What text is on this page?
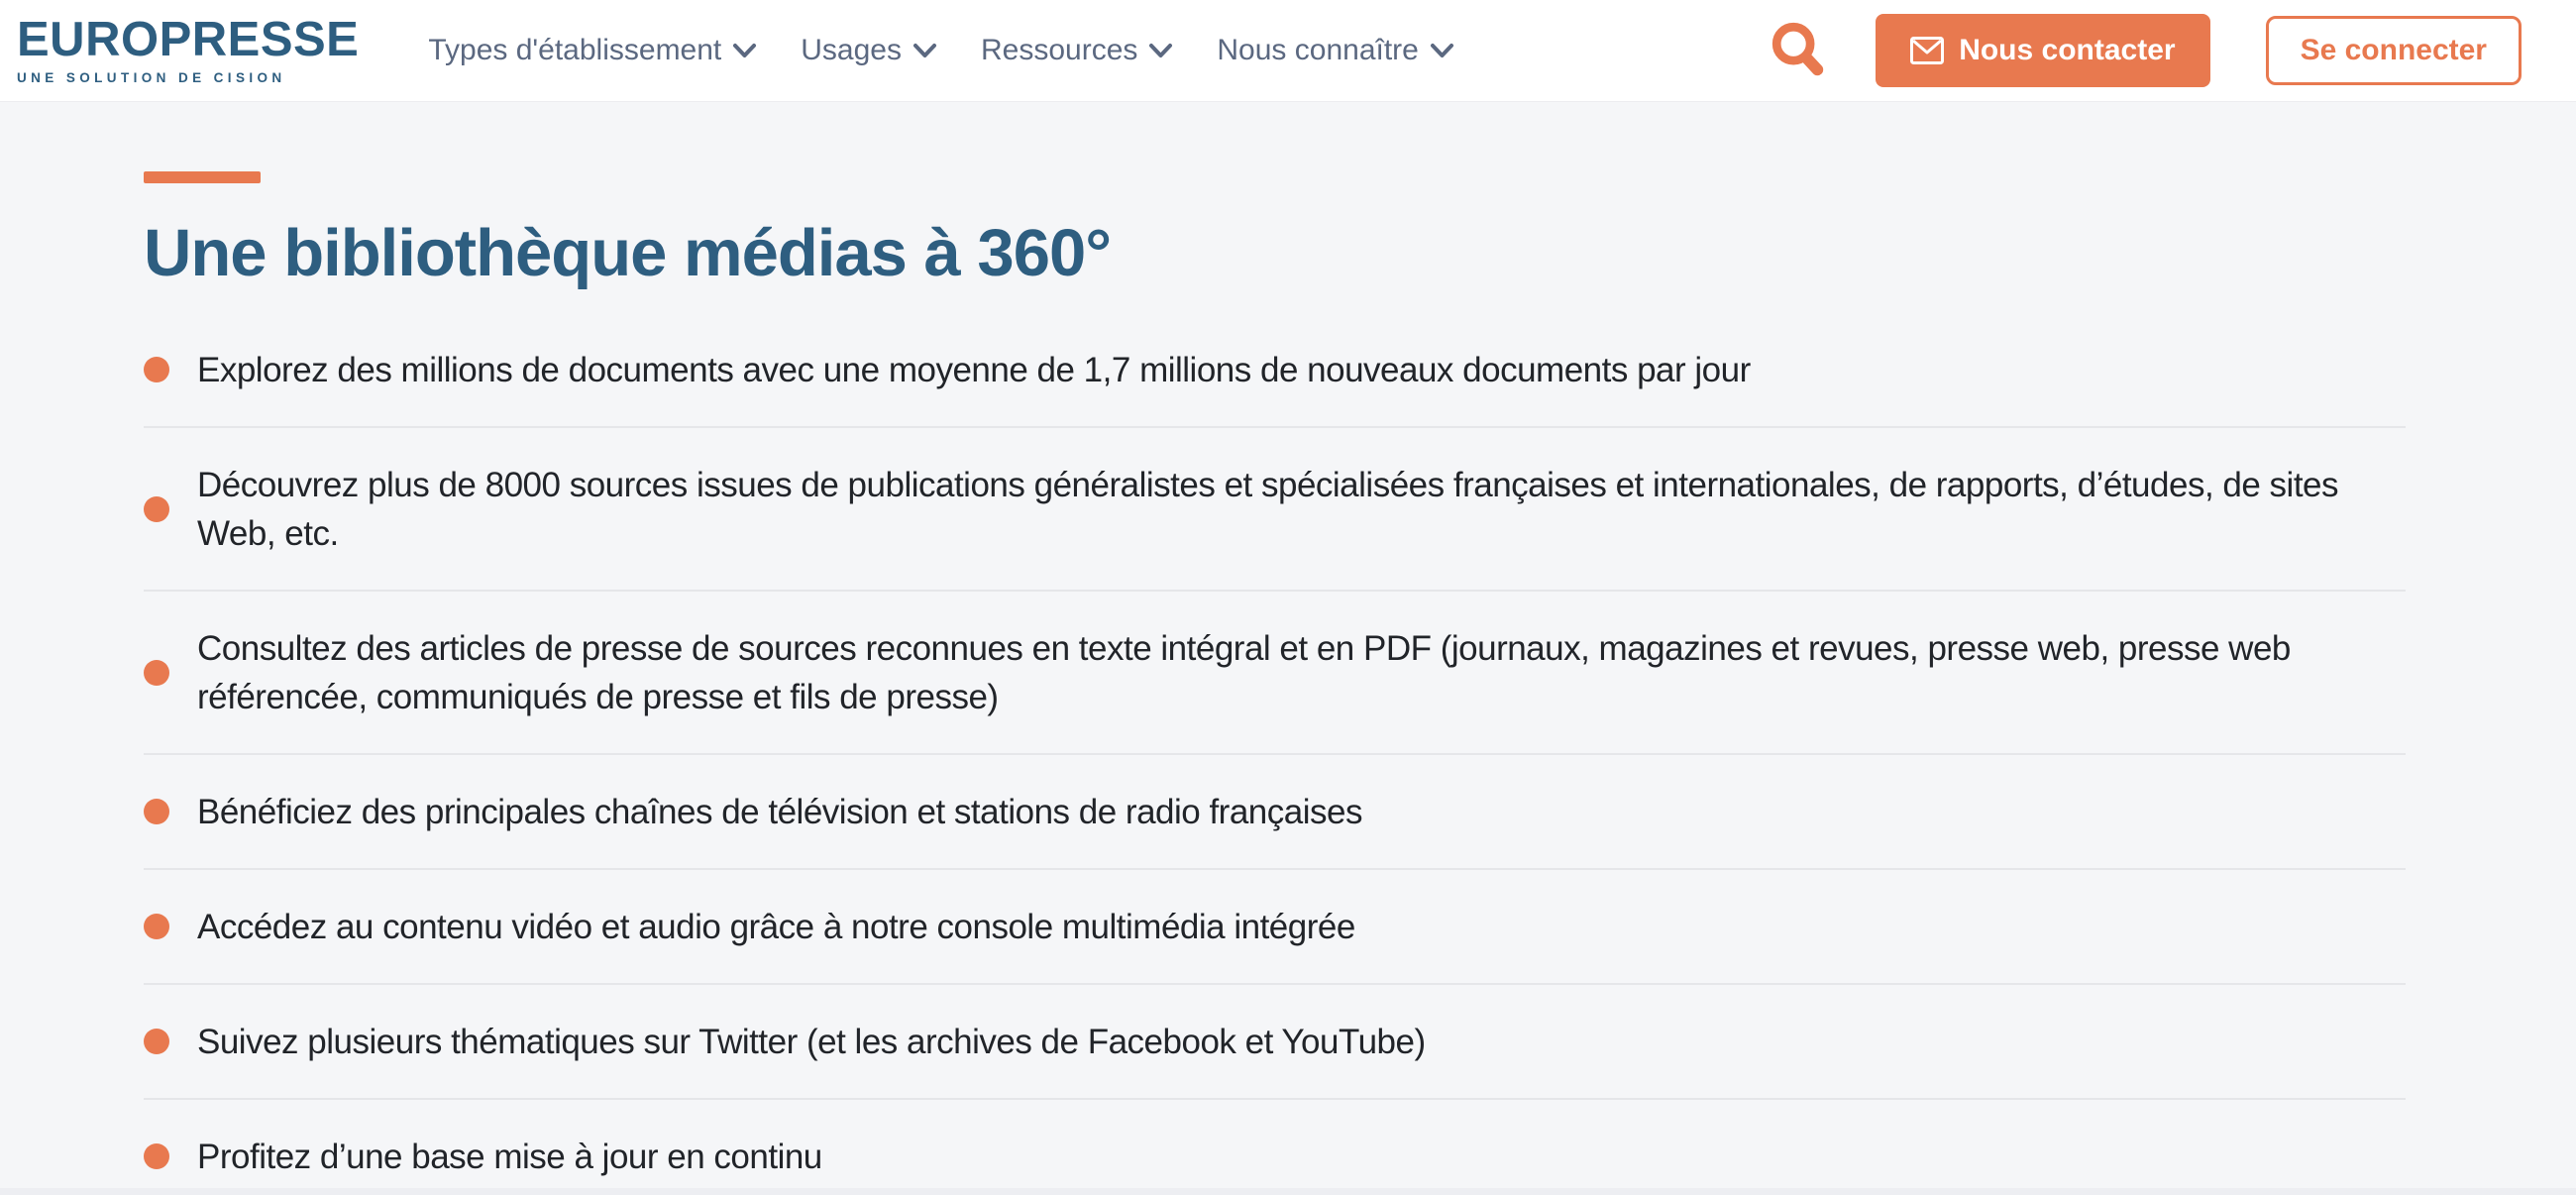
EUROPRESSE
UNE SOLUTION DE CISION
Types d'établissement	Usages	Ressources	Nous connaître	Nous contacter	Se connecter
Une bibliothèque médias à 360°
Explorez des millions de documents avec une moyenne de 1,7 millions de nouveaux documents par jour
Découvrez plus de 8000 sources issues de publications généralistes et spécialisées françaises et internationales, de rapports, d’études, de sites Web, etc.
Consultez des articles de presse de sources reconnues en texte intégral et en PDF (journaux, magazines et revues, presse web, presse web référencée, communiqués de presse et fils de presse)
Bénéficiez des principales chaînes de télévision et stations de radio françaises
Accédez au contenu vidéo et audio grâce à notre console multimédia intégrée
Suivez plusieurs thématiques sur Twitter (et les archives de Facebook et YouTube)
Profitez d’une base mise à jour en continu
